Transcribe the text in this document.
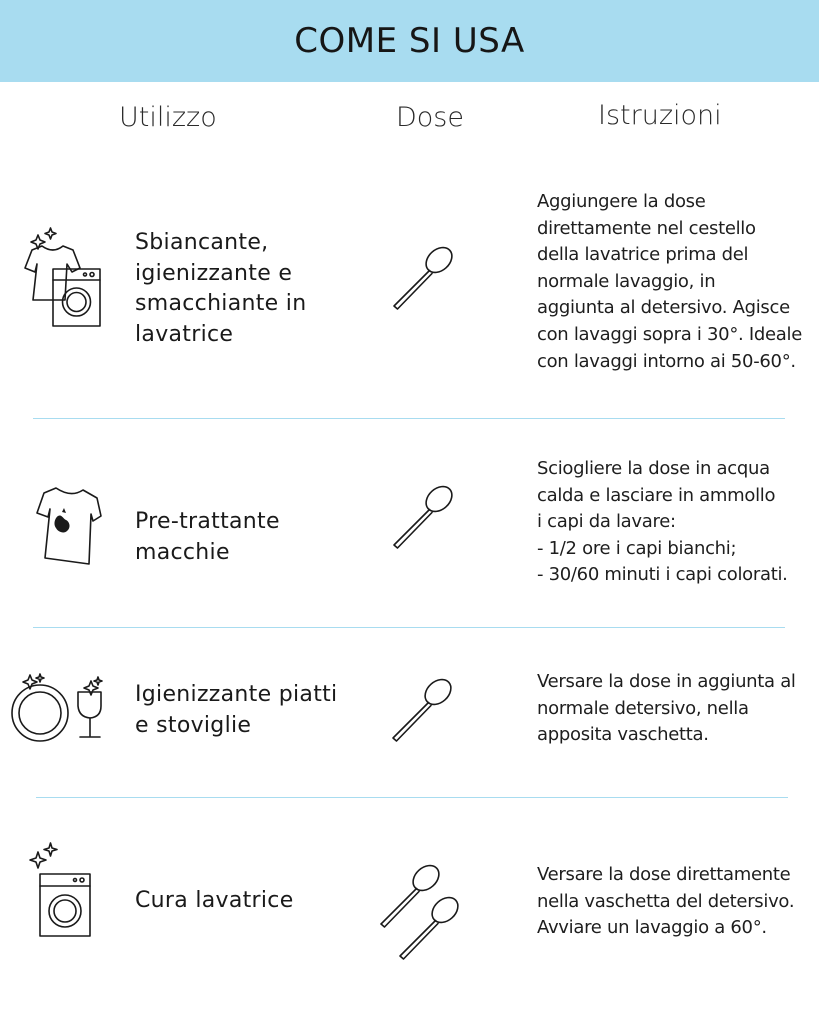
COME SI USA
Utilizzo	Dose	Istruzioni
Sbiancante,
igienizzante e
smacchiante in
lavatrice
Aggiungere la dose
direttamente nel cestello
della lavatrice prima del
normale lavaggio, in
aggiunta al detersivo. Agisce
con lavaggi sopra i 30°. Ideale
con lavaggi intorno ai 50-60°.
Pre-trattante
macchie
Sciogliere la dose in acqua
calda e lasciare in ammollo
i capi da lavare:
- 1/2 ore i capi bianchi;
- 30/60 minuti i capi colorati.
Igienizzante piatti
e stoviglie
Versare la dose in aggiunta al
normale detersivo, nella
apposita vaschetta.
Cura lavatrice
Versare la dose direttamente
nella vaschetta del detersivo.
Avviare un lavaggio a 60°.
